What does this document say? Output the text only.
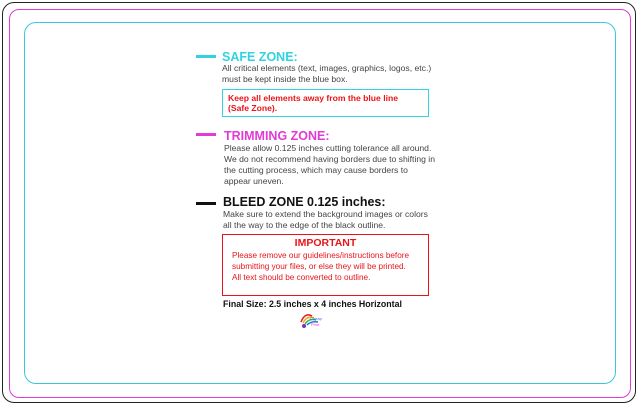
SAFE ZONE:
All critical elements (text, images, graphics, logos, etc.)
must be kept inside the blue box.
Keep all elements away from the blue line
(Safe Zone).
TRIMMING ZONE:
Please allow 0.125 inches cutting tolerance all around.
We do not recommend having borders due to shifting in
the cutting process, which may cause borders to
appear uneven.
BLEED ZONE 0.125 inches:
Make sure to extend the background images or colors
all the way to the edge of the black outline.
IMPORTANT
Please remove our guidelines/instructions before
submitting your files, or else they will be printed.
All text should be converted to outline.
Final Size: 2.5 inches x 4 inches Horizontal
Cheap
Print
